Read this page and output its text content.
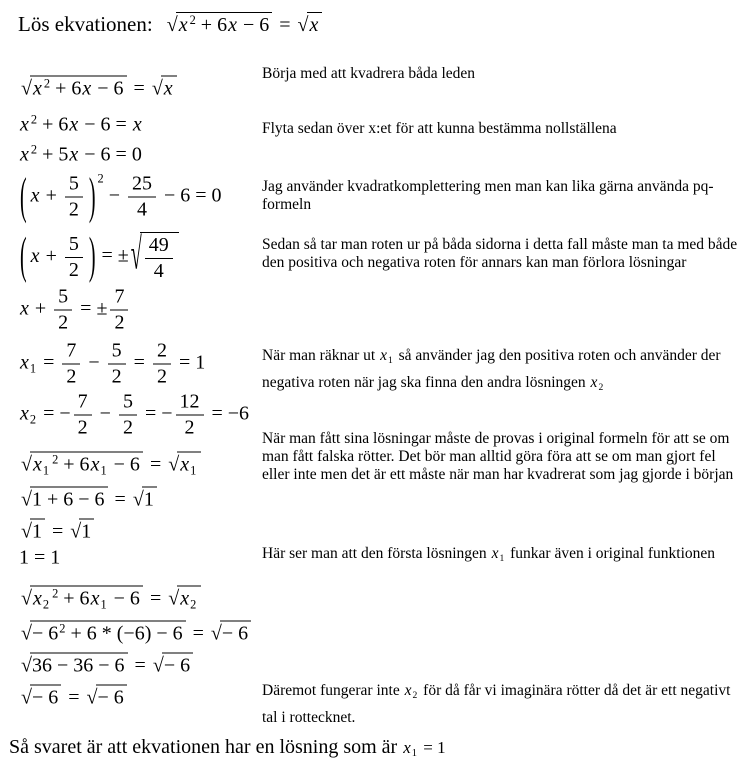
Lös ekvationen: √ x $^2$ + 6x − 6 = √ x
√ x $^2$ + 6x − 6 = √ x
x $^2$ + 6x − 6 = x
x $^2$ + 5x − 6 = 0
( $x + \frac{5}{2}$ ) $^2 - \frac{25}{4} - 6 = 0$
( $x + \frac{5}{2}$ ) = ± √ 49
4
$x + \frac{5}{2}$ = ± $\frac{7}{2}$
$x_1 = \frac{7}{2} - \frac{5}{2} = \frac{2}{2} = 1$
$x_2$ = − $\frac{7}{2} - \frac{5}{2}$ = − $\frac{12}{2} = -6$
√ $x_1^2 + 6x_1 - 6$ = √ $x_1$
√ 1 + 6 − 6 = √ 1
√ 1 = √ 1
1 = 1
√ $x_2^2 + 6x_1 - 6$ = √ $x_2$
√ − $6^2 + 6 * (-6) - 6$ = √ − 6
√ 36 − 36 − 6 = √ − 6
√ − 6 = √ − 6
Börja med att kvadrera båda leden
Flyta sedan över x:et för att kunna bestämma nollställena
Jag använder kvadratkomplettering men man kan lika gärna använda pq-formeln
Sedan så tar man roten ur på båda sidorna i detta fall måste man ta med både den positiva och negativa roten för annars kan man förlora lösningar
När man räknar ut $x_1$ så använder jag den positiva roten och använder der negativa roten när jag ska finna den andra lösningen $x_2$
När man fått sina lösningar måste de provas i original formeln för att se om man fått falska rötter. Det bör man alltid göra föra att se om man gjort fel eller inte men det är ett måste när man har kvadrerat som jag gjorde i början
Här ser man att den första lösningen $x_1$ funkar även i original funktionen
Däremot fungerar inte $x_2$ för då får vi imaginära rötter då det är ett negativt tal i rottecknet.
Så svaret är att ekvationen har en lösning som är $x_1 = 1$
